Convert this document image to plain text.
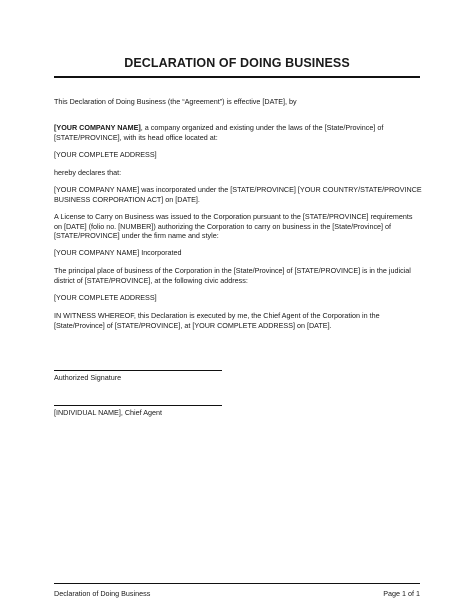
DECLARATION OF DOING BUSINESS

This Declaration of Doing Business (the “Agreement”) is effective [DATE], by

[YOUR COMPANY NAME], a company organized and existing under the laws of the [State/Province] of [STATE/PROVINCE], with its head office located at:

[YOUR COMPLETE ADDRESS]

hereby declares that:

[YOUR COMPANY NAME] was incorporated under the [STATE/PROVINCE] [YOUR COUNTRY/STATE/PROVINCE BUSINESS CORPORATION ACT] on [DATE].

A License to Carry on Business was issued to the Corporation pursuant to the [STATE/PROVINCE] requirements on [DATE] (folio no. [NUMBER]) authorizing the Corporation to carry on business in the [State/Province] of [STATE/PROVINCE] under the firm name and style:

[YOUR COMPANY NAME] Incorporated

The principal place of business of the Corporation in the [State/Province] of [STATE/PROVINCE] is in the judicial district of [STATE/PROVINCE], at the following civic address:

[YOUR COMPLETE ADDRESS]

IN WITNESS WHEREOF, this Declaration is executed by me, the Chief Agent of the Corporation in the [State/Province] of [STATE/PROVINCE], at [YOUR COMPLETE ADDRESS] on [DATE].

Authorized Signature

[INDIVIDUAL NAME], Chief Agent

Declaration of Doing Business	Page 1 of 1
